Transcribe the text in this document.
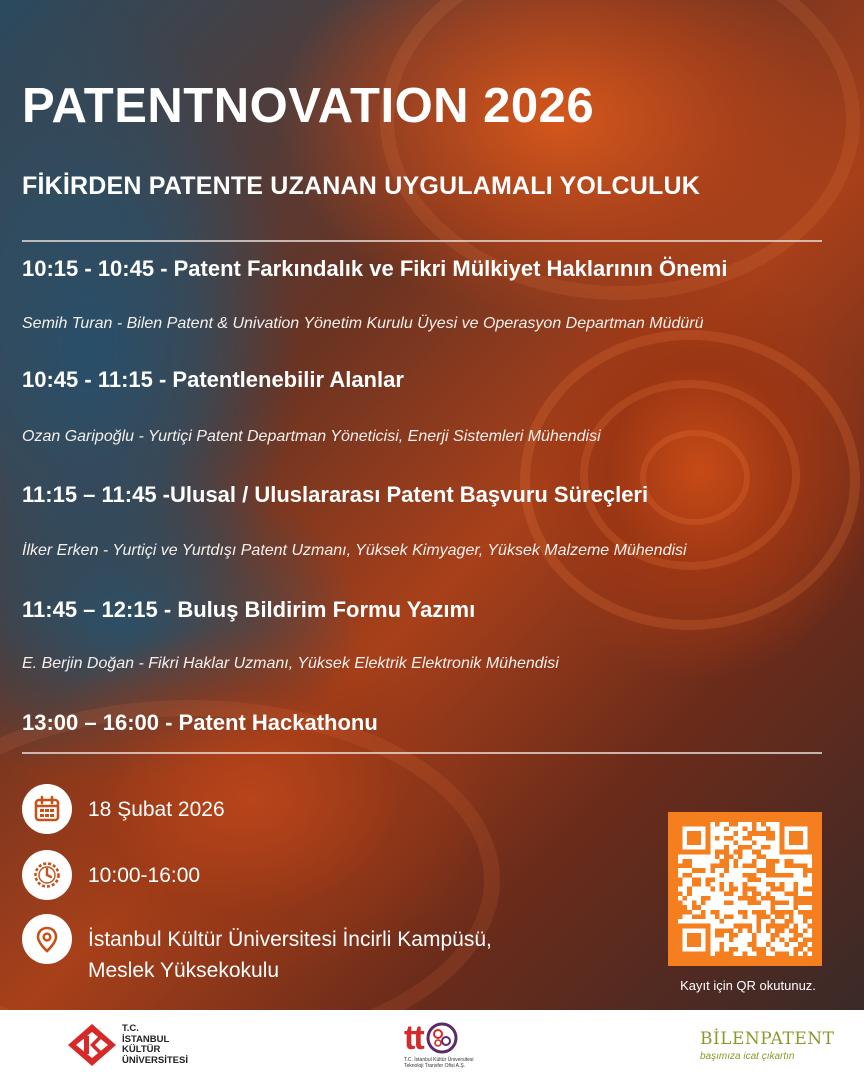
PATENTNOVATION 2026
FİKİRDEN PATENTE UZANAN UYGULAMALI YOLCULUK
10:15 - 10:45 - Patent Farkındalık ve Fikri Mülkiyet Haklarının Önemi
Semih Turan - Bilen Patent & Univation Yönetim Kurulu Üyesi ve Operasyon Departman Müdürü
10:45 - 11:15 - Patentlenebilir Alanlar
Ozan Garipoğlu - Yurtiçi Patent Departman Yöneticisi, Enerji Sistemleri Mühendisi
11:15 – 11:45 -Ulusal / Uluslararası Patent Başvuru Süreçleri
İlker Erken - Yurtiçi ve Yurtdışı Patent Uzmanı, Yüksek Kimyager, Yüksek Malzeme Mühendisi
11:45 – 12:15 - Buluş Bildirim Formu Yazımı
E. Berjin Doğan - Fikri Haklar Uzmanı, Yüksek Elektrik Elektronik Mühendisi
13:00 – 16:00 - Patent Hackathonu
18 Şubat 2026
10:00-16:00
İstanbul Kültür Üniversitesi İncirli Kampüsü,
Meslek Yüksekokulu
Kayıt için QR okutunuz.
T.C.
İSTANBUL
KÜLTÜR
ÜNİVERSİTESİ
tt
T.C. İstanbul Kültür Üniversitesi
Teknoloji Transfer Ofisi A.Ş.
BİLENPATENT
başımıza icat çıkartın
